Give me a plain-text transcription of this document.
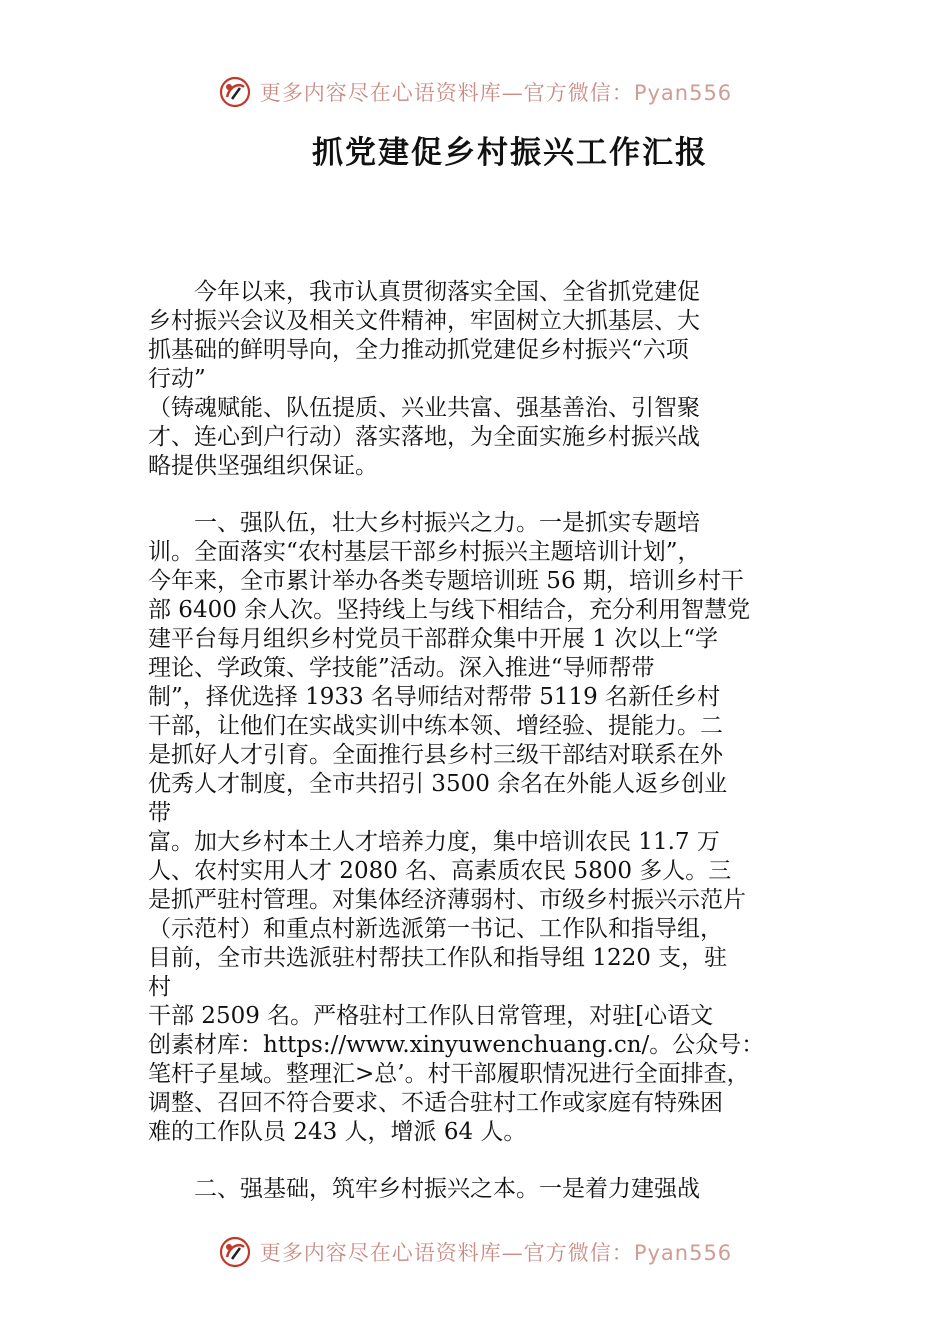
更多内容尽在心语资料库—官方微信：Pyan556
抓党建促乡村振兴工作汇报

　　今年以来，我市认真贯彻落实全国、全省抓党建促
乡村振兴会议及相关文件精神，牢固树立大抓基层、大
抓基础的鲜明导向，全力推动抓党建促乡村振兴“六项
行动”
（铸魂赋能、队伍提质、兴业共富、强基善治、引智聚
才、连心到户行动）落实落地，为全面实施乡村振兴战
略提供坚强组织保证。

　　一、强队伍，壮大乡村振兴之力。一是抓实专题培
训。全面落实“农村基层干部乡村振兴主题培训计划”，
今年来，全市累计举办各类专题培训班 56 期，培训乡村干
部 6400 余人次。坚持线上与线下相结合，充分利用智慧党
建平台每月组织乡村党员干部群众集中开展 1 次以上“学
理论、学政策、学技能”活动。深入推进“导师帮带
制”，择优选择 1933 名导师结对帮带 5119 名新任乡村
干部，让他们在实战实训中练本领、增经验、提能力。二
是抓好人才引育。全面推行县乡村三级干部结对联系在外
优秀人才制度，全市共招引 3500 余名在外能人返乡创业
带
富。加大乡村本土人才培养力度，集中培训农民 11.7 万
人、农村实用人才 2080 名、高素质农民 5800 多人。三
是抓严驻村管理。对集体经济薄弱村、市级乡村振兴示范片
（示范村）和重点村新选派第一书记、工作队和指导组，
目前，全市共选派驻村帮扶工作队和指导组 1220 支，驻
村
干部 2509 名。严格驻村工作队日常管理，对驻[心语文
创素材库：https://www.xinyuwenchuang.cn/。公众号：
笔杆子星域。整理汇>总’。村干部履职情况进行全面排查，
调整、召回不符合要求、不适合驻村工作或家庭有特殊困
难的工作队员 243 人，增派 64 人。

　　二、强基础，筑牢乡村振兴之本。一是着力建强战

更多内容尽在心语资料库—官方微信：Pyan556
